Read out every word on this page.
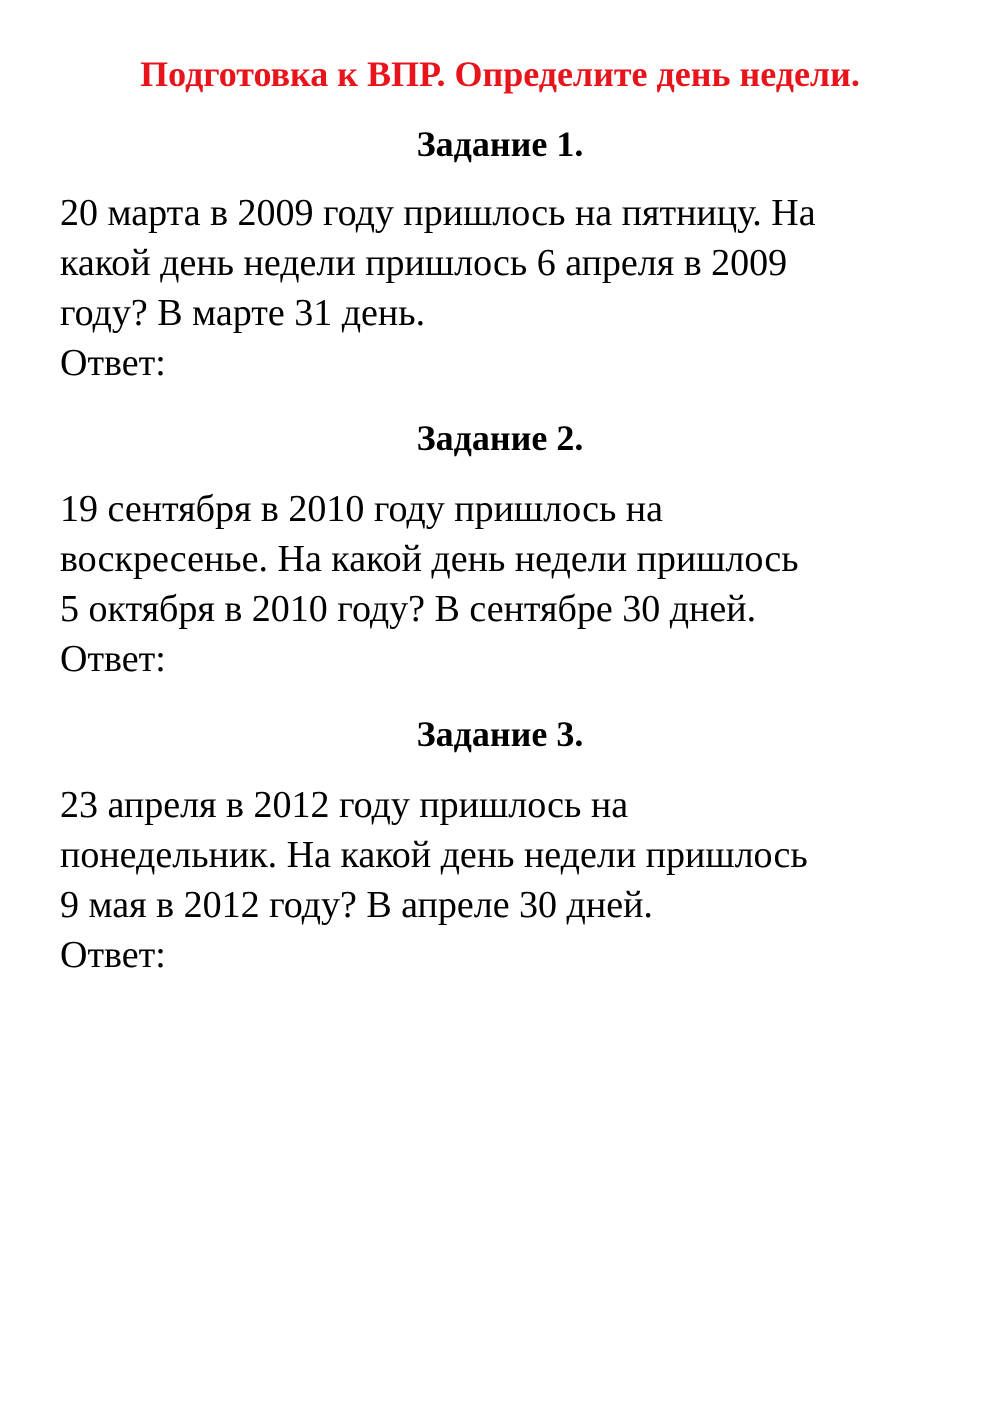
Подготовка к ВПР. Определите день недели.
Задание 1.
20 марта в 2009 году пришлось на пятницу. На
какой день недели пришлось 6 апреля в 2009
году? В марте 31 день.
Ответ:
Задание 2.
19 сентября в 2010 году пришлось на
воскресенье. На какой день недели пришлось
5 октября в 2010 году? В сентябре 30 дней.
Ответ:
Задание 3.
23 апреля в 2012 году пришлось на
понедельник. На какой день недели пришлось
9 мая в 2012 году? В апреле 30 дней.
Ответ:
